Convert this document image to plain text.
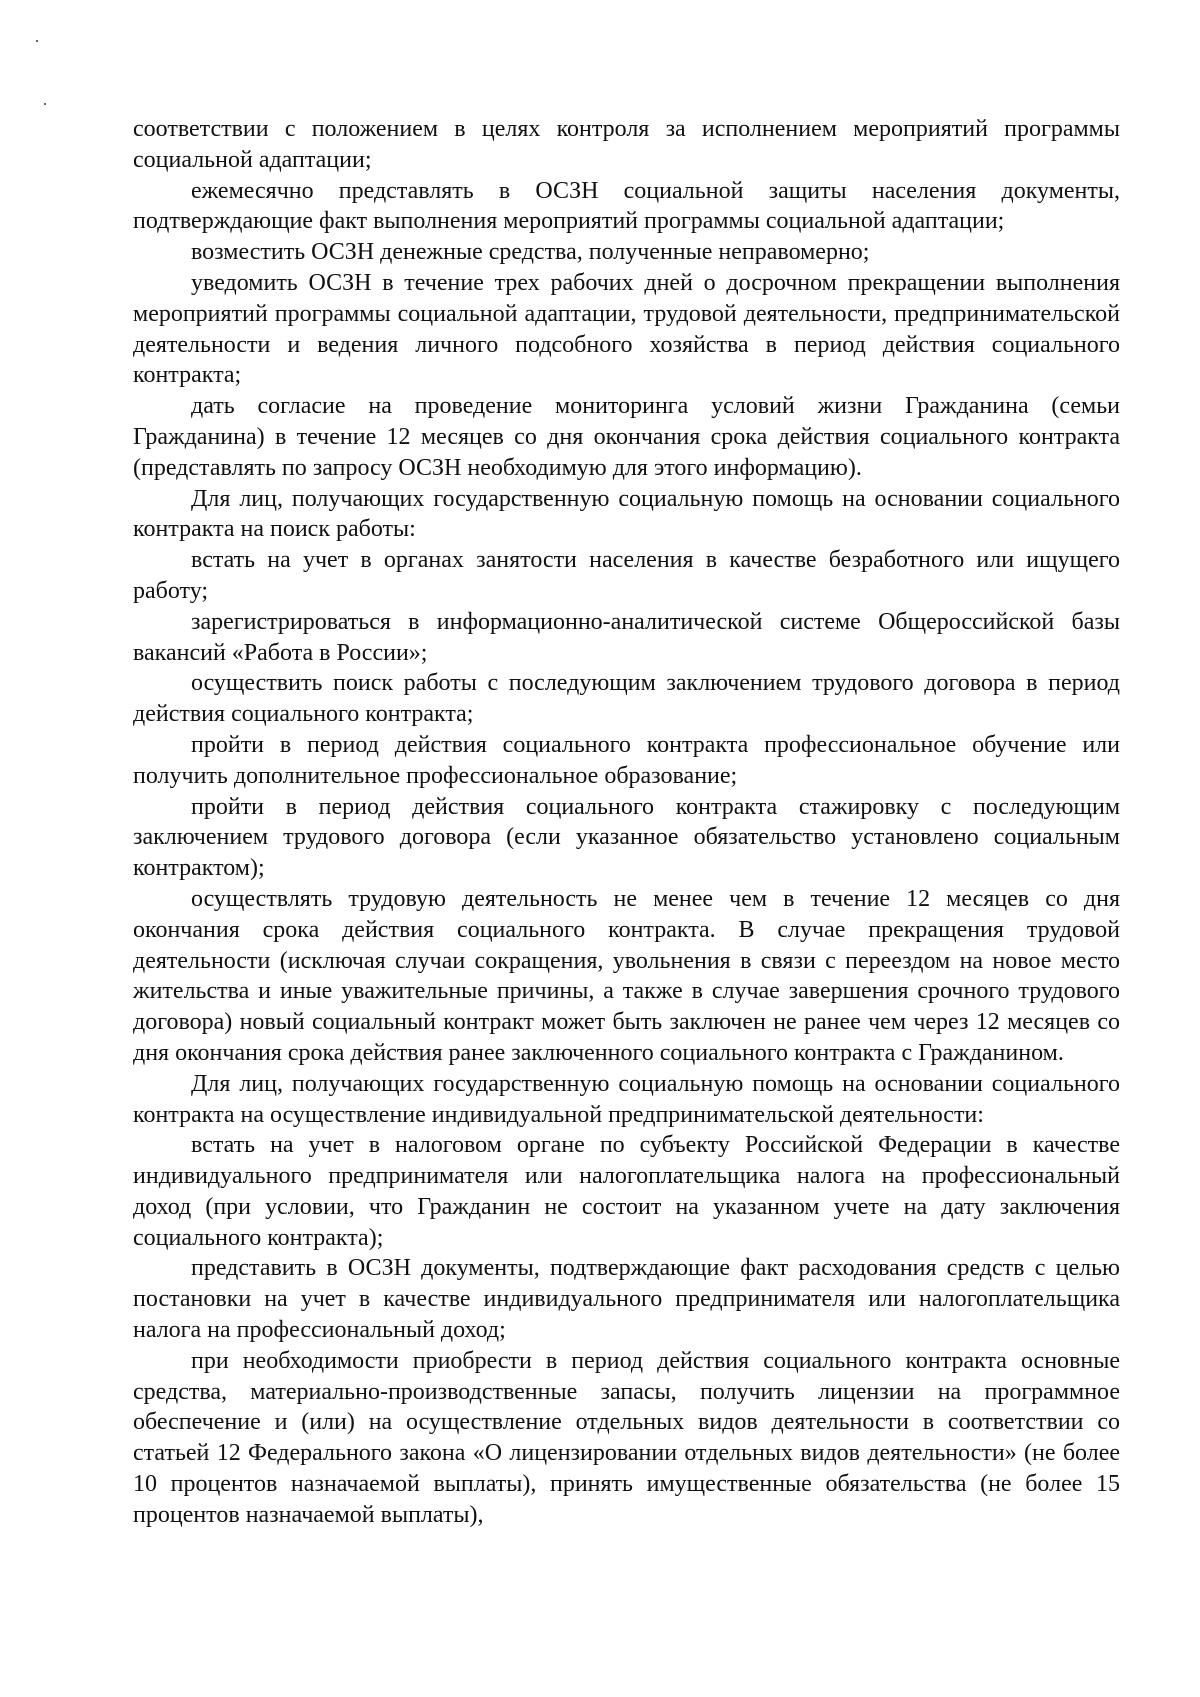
соответствии с положением в целях контроля за исполнением мероприятий программы социальной адаптации;

ежемесячно представлять в ОСЗН социальной защиты населения документы, подтверждающие факт выполнения мероприятий программы социальной адаптации;

возместить ОСЗН денежные средства, полученные неправомерно;

уведомить ОСЗН в течение трех рабочих дней о досрочном прекращении выполнения мероприятий программы социальной адаптации, трудовой деятельности, предпринимательской деятельности и ведения личного подсобного хозяйства в период действия социального контракта;

дать согласие на проведение мониторинга условий жизни Гражданина (семьи Гражданина) в течение 12 месяцев со дня окончания срока действия социального контракта (представлять по запросу ОСЗН необходимую для этого информацию).

Для лиц, получающих государственную социальную помощь на основании социального контракта на поиск работы:

встать на учет в органах занятости населения в качестве безработного или ищущего работу;

зарегистрироваться в информационно-аналитической системе Общероссийской базы вакансий «Работа в России»;

осуществить поиск работы с последующим заключением трудового договора в период действия социального контракта;

пройти в период действия социального контракта профессиональное обучение или получить дополнительное профессиональное образование;

пройти в период действия социального контракта стажировку с последующим заключением трудового договора (если указанное обязательство установлено социальным контрактом);

осуществлять трудовую деятельность не менее чем в течение 12 месяцев со дня окончания срока действия социального контракта. В случае прекращения трудовой деятельности (исключая случаи сокращения, увольнения в связи с переездом на новое место жительства и иные уважительные причины, а также в случае завершения срочного трудового договора) новый социальный контракт может быть заключен не ранее чем через 12 месяцев со дня окончания срока действия ранее заключенного социального контракта с Гражданином.

Для лиц, получающих государственную социальную помощь на основании социального контракта на осуществление индивидуальной предпринимательской деятельности:

встать на учет в налоговом органе по субъекту Российской Федерации в качестве индивидуального предпринимателя или налогоплательщика налога на профессиональный доход (при условии, что Гражданин не состоит на указанном учете на дату заключения социального контракта);

представить в ОСЗН документы, подтверждающие факт расходования средств с целью постановки на учет в качестве индивидуального предпринимателя или налогоплательщика налога на профессиональный доход;

при необходимости приобрести в период действия социального контракта основные средства, материально-производственные запасы, получить лицензии на программное обеспечение и (или) на осуществление отдельных видов деятельности в соответствии со статьей 12 Федерального закона «О лицензировании отдельных видов деятельности» (не более 10 процентов назначаемой выплаты), принять имущественные обязательства (не более 15 процентов назначаемой выплаты),
